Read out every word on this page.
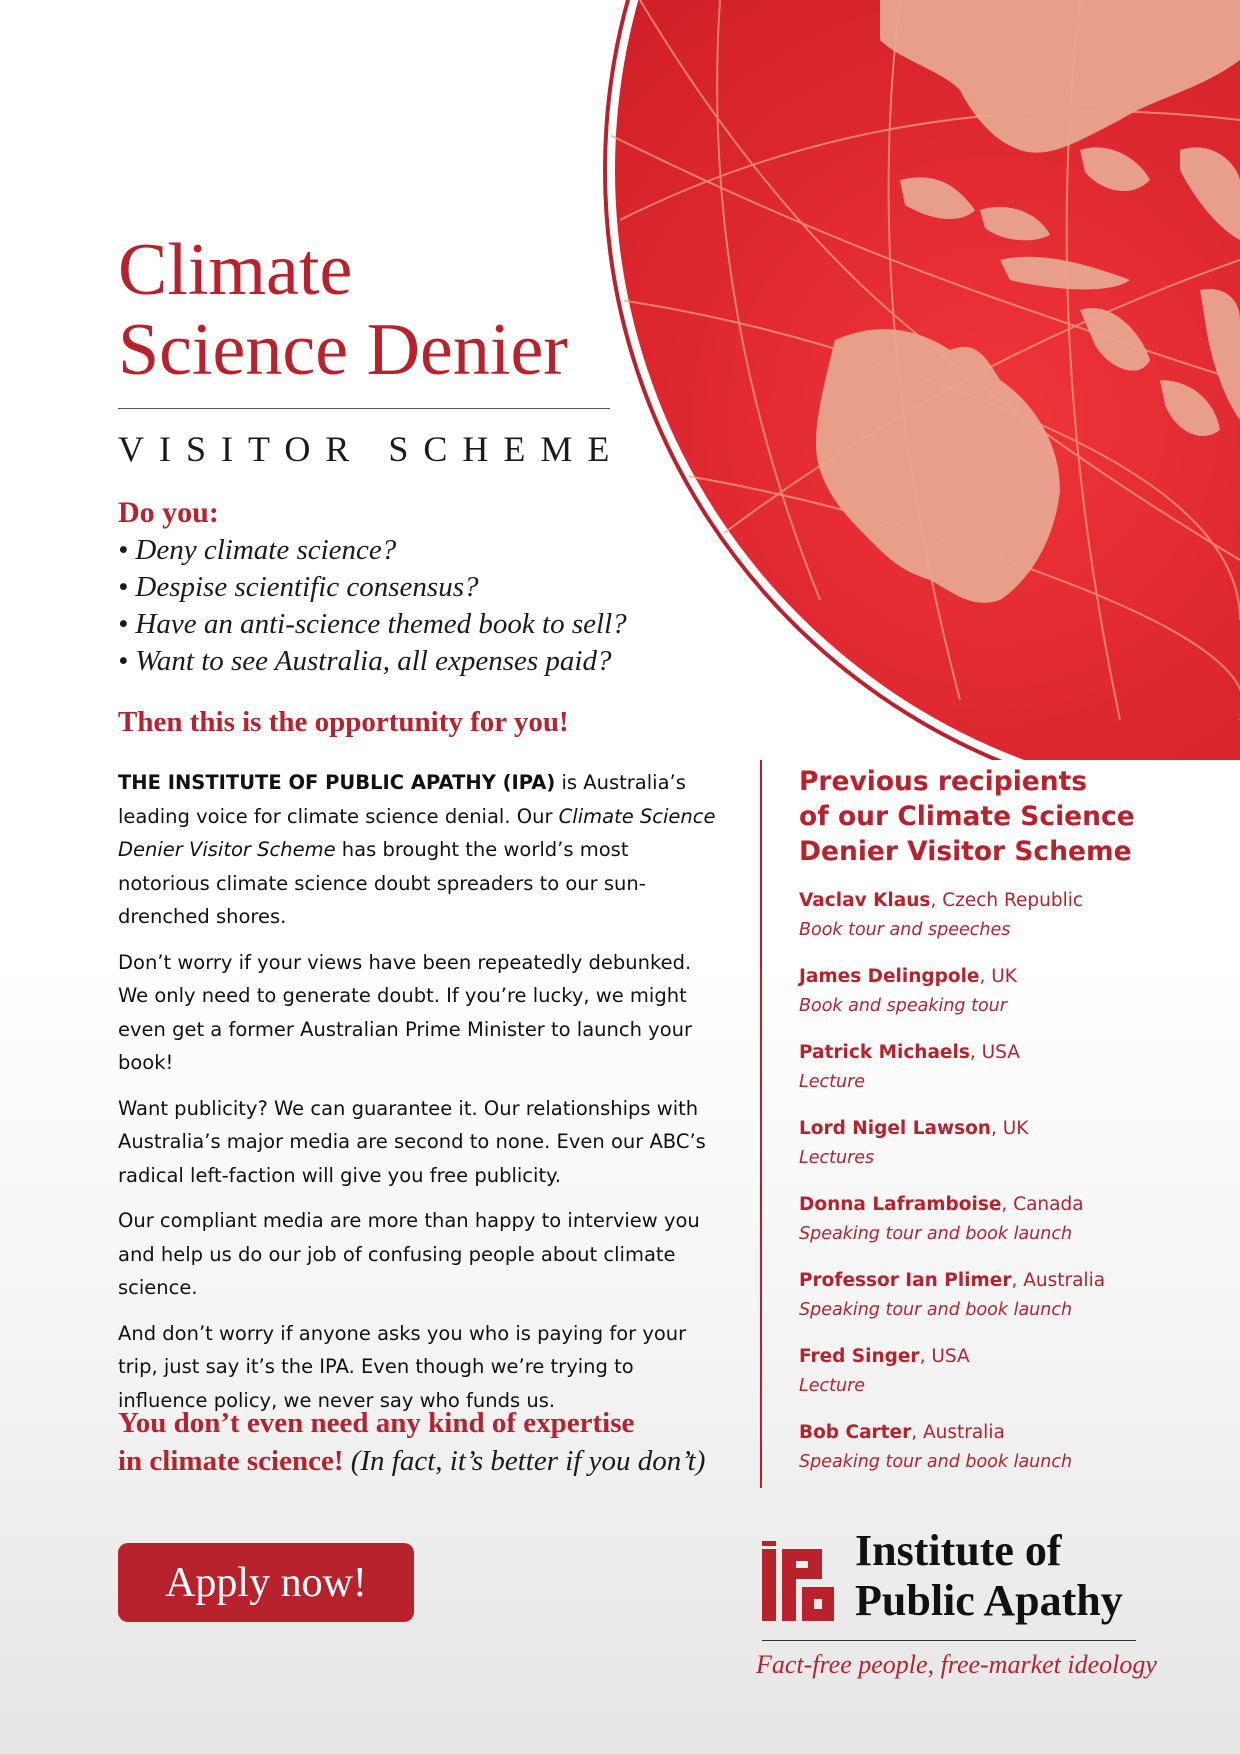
Climate
Science Denier
VISITOR SCHEME
Do you:
• Deny climate science?
• Despise scientific consensus?
• Have an anti-science themed book to sell?
• Want to see Australia, all expenses paid?
Then this is the opportunity for you!

THE INSTITUTE OF PUBLIC APATHY (IPA) is Australia’s leading voice for climate science denial. Our Climate Science Denier Visitor Scheme has brought the world’s most notorious climate science doubt spreaders to our sun-drenched shores.

Don’t worry if your views have been repeatedly debunked. We only need to generate doubt. If you’re lucky, we might even get a former Australian Prime Minister to launch your book!

Want publicity? We can guarantee it. Our relationships with Australia’s major media are second to none. Even our ABC’s radical left-faction will give you free publicity.

Our compliant media are more than happy to interview you and help us do our job of confusing people about climate science.

And don’t worry if anyone asks you who is paying for your trip, just say it’s the IPA. Even though we’re trying to influence policy, we never say who funds us.

You don’t even need any kind of expertise
in climate science! (In fact, it’s better if you don’t)
Previous recipients
of our Climate Science
Denier Visitor Scheme
Vaclav Klaus, Czech Republic
Book tour and speeches
James Delingpole, UK
Book and speaking tour
Patrick Michaels, USA
Lecture
Lord Nigel Lawson, UK
Lectures
Donna Laframboise, Canada
Speaking tour and book launch
Professor Ian Plimer, Australia
Speaking tour and book launch
Fred Singer, USA
Lecture
Bob Carter, Australia
Speaking tour and book launch
Apply now!
Institute of
Public Apathy
Fact-free people, free-market ideology
